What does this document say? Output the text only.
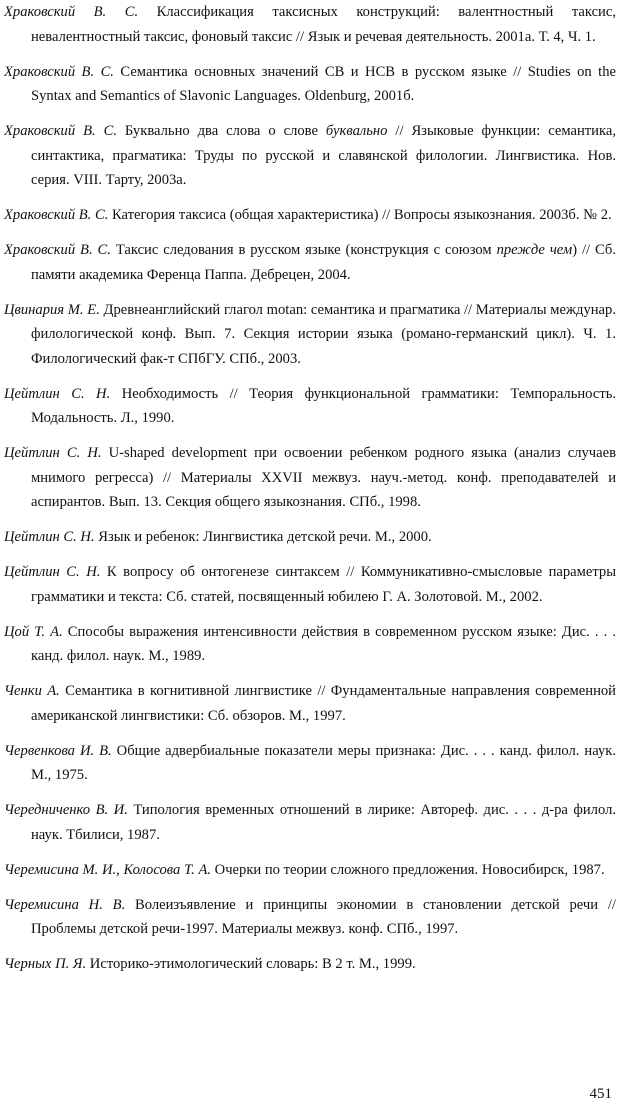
Храковский В. С. Классификация таксисных конструкций: валентностный таксис, невалентностный таксис, фоновый таксис // Язык и речевая деятельность. 2001а. Т. 4, Ч. 1.

Храковский В. С. Семантика основных значений СВ и НСВ в русском языке // Studies on the Syntax and Semantics of Slavonic Languages. Oldenburg, 2001б.

Храковский В. С. Буквально два слова о слове буквально // Языковые функции: семантика, синтактика, прагматика: Труды по русской и славянской филологии. Лингвистика. Нов. серия. VIII. Тарту, 2003а.

Храковский В. С. Категория таксиса (общая характеристика) // Вопросы языкознания. 2003б. № 2.

Храковский В. С. Таксис следования в русском языке (конструкция с союзом прежде чем) // Сб. памяти академика Ференца Паппа. Дебрецен, 2004.

Цвинария М. Е. Древнеанглийский глагол motan: семантика и прагматика // Материалы междунар. филологической конф. Вып. 7. Секция истории языка (романо-германский цикл). Ч. 1. Филологический фак-т СПбГУ. СПб., 2003.

Цейтлин С. Н. Необходимость // Теория функциональной грамматики: Темпоральность. Модальность. Л., 1990.

Цейтлин С. Н. U-shaped development при освоении ребенком родного языка (анализ случаев мнимого регресса) // Материалы XXVII межвуз. науч.-метод. конф. преподавателей и аспирантов. Вып. 13. Секция общего языкознания. СПб., 1998.

Цейтлин С. Н. Язык и ребенок: Лингвистика детской речи. М., 2000.

Цейтлин С. Н. К вопросу об онтогенезе синтаксем // Коммуникативно-смысловые параметры грамматики и текста: Сб. статей, посвященный юбилею Г. А. Золотовой. М., 2002.

Цой Т. А. Способы выражения интенсивности действия в современном русском языке: Дис. . . . канд. филол. наук. М., 1989.

Ченки А. Семантика в когнитивной лингвистике // Фундаментальные направления современной американской лингвистики: Сб. обзоров. М., 1997.

Червенкова И. В. Общие адвербиальные показатели меры признака: Дис. . . . канд. филол. наук. М., 1975.

Чередниченко В. И. Типология временных отношений в лирике: Автореф. дис. . . . д-ра филол. наук. Тбилиси, 1987.

Черемисина М. И., Колосова Т. А. Очерки по теории сложного предложения. Новосибирск, 1987.

Черемисина Н. В. Волеизъявление и принципы экономии в становлении детской речи // Проблемы детской речи-1997. Материалы межвуз. конф. СПб., 1997.

Черных П. Я. Историко-этимологический словарь: В 2 т. М., 1999.

451
